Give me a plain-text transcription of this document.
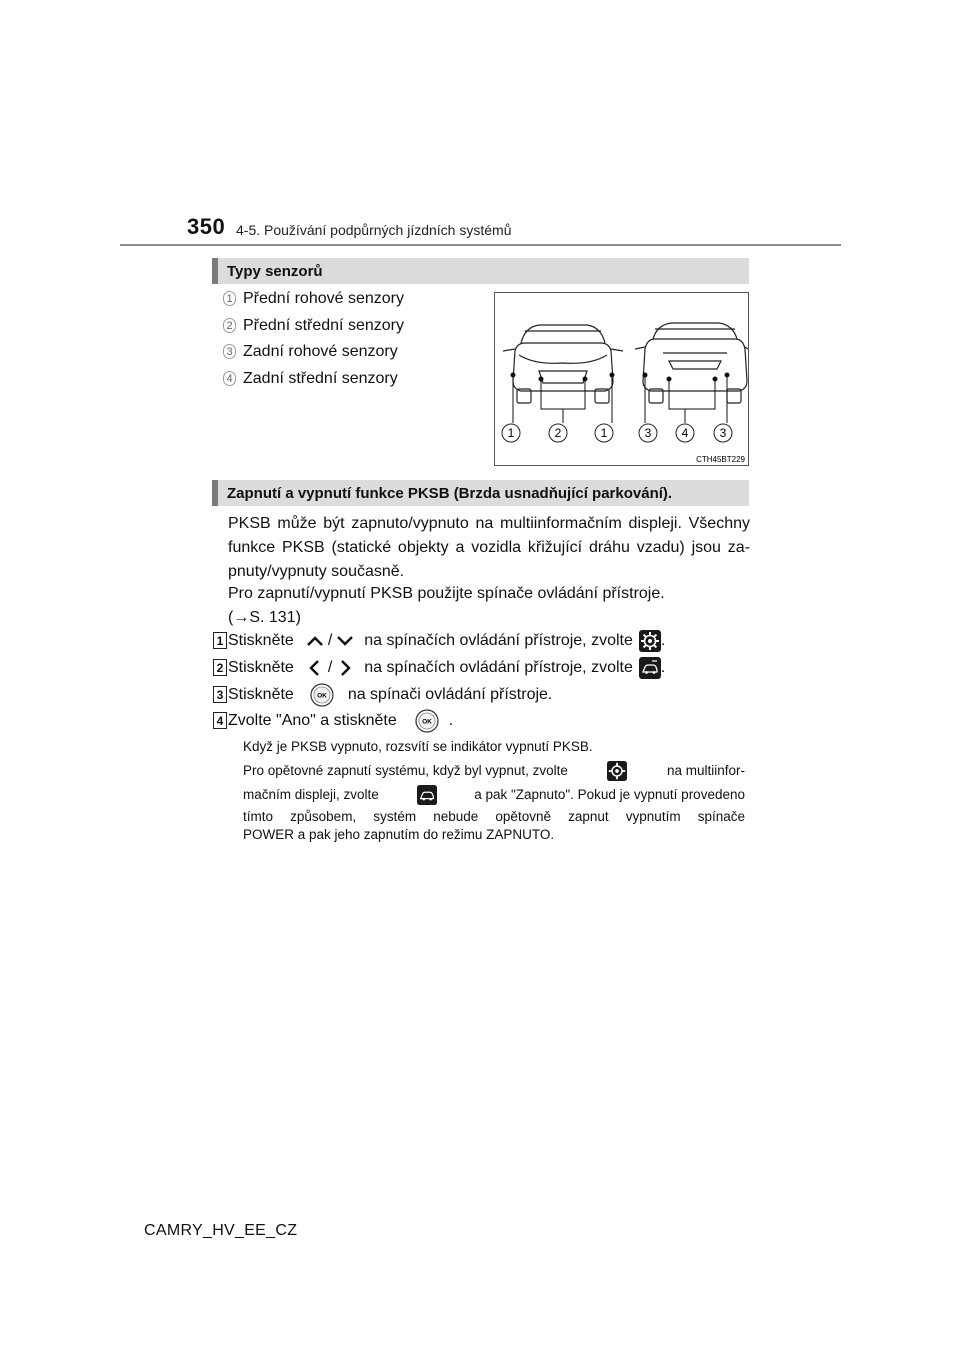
350 4-5. Používání podpůrných jízdních systémů
Typy senzorů
1 Přední rohové senzory
2 Přední střední senzory
3 Zadní rohové senzory
4 Zadní střední senzory
1	2	1	3	4	3
CTH45BT229
Zapnutí a vypnutí funkce PKSB (Brzda usnadňující parkování).
PKSB může být zapnuto/vypnuto na multiinformačním displeji. Všechny
funkce PKSB (statické objekty a vozidla křižující dráhu vzadu) jsou za-
pnuty/vypnuty současně.
Pro zapnutí/vypnutí PKSB použijte spínače ovládání přístroje.
(→S. 131)
1 Stiskněte / na spínačích ovládání přístroje, zvolte .
2 Stiskněte / na spínačích ovládání přístroje, zvolte .
3 Stiskněte	OK na spínači ovládání přístroje.
4 Zvolte "Ano" a stiskněte	OK .
Když je PKSB vypnuto, rozsvítí se indikátor vypnutí PKSB.
Pro opětovné zapnutí systému, když byl vypnut, zvolte	na multiinfor-
mačním displeji, zvolte	a pak "Zapnuto". Pokud je vypnutí provedeno
tímto způsobem, systém nebude opětovně zapnut vypnutím spínače
POWER a pak jeho zapnutím do režimu ZAPNUTO.
CAMRY_HV_EE_CZ
